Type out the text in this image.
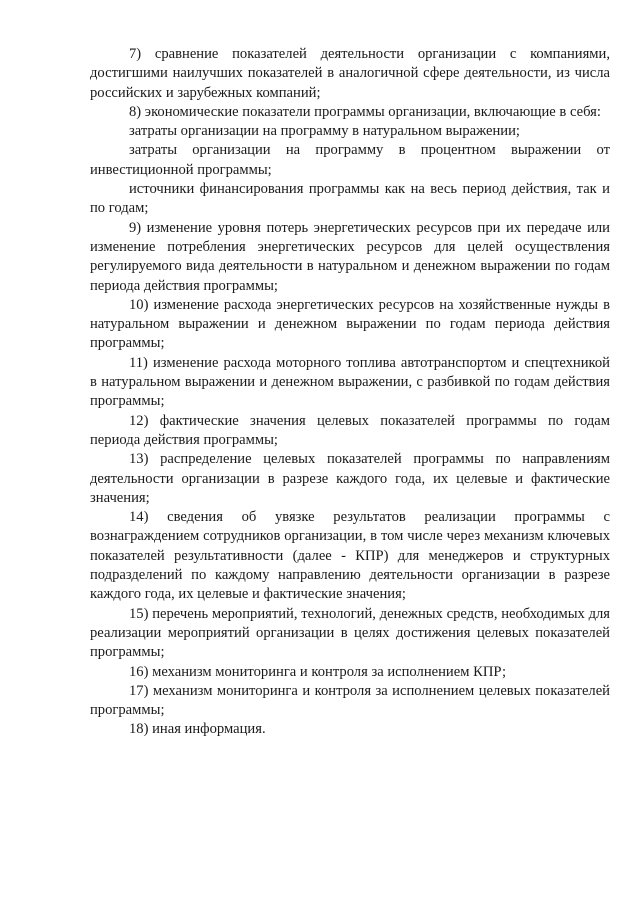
7) сравнение показателей деятельности организации с компаниями, достигшими наилучших показателей в аналогичной сфере деятельности, из числа российских и зарубежных компаний;

8) экономические показатели программы организации, включающие в себя:

затраты организации на программу в натуральном выражении;

затраты организации на программу в процентном выражении от инвестиционной программы;

источники финансирования программы как на весь период действия, так и по годам;

9) изменение уровня потерь энергетических ресурсов при их передаче или изменение потребления энергетических ресурсов для целей осуществления регулируемого вида деятельности в натуральном и денежном выражении по годам периода действия программы;

10) изменение расхода энергетических ресурсов на хозяйственные нужды в натуральном выражении и денежном выражении по годам периода действия программы;

11) изменение расхода моторного топлива автотранспортом и спецтехникой в натуральном выражении и денежном выражении, с разбивкой по годам действия программы;

12) фактические значения целевых показателей программы по годам периода действия программы;

13) распределение целевых показателей программы по направлениям деятельности организации в разрезе каждого года, их целевые и фактические значения;

14) сведения об увязке результатов реализации программы с вознаграждением сотрудников организации, в том числе через механизм ключевых показателей результативности (далее - КПР) для менеджеров и структурных подразделений по каждому направлению деятельности организации в разрезе каждого года, их целевые и фактические значения;

15) перечень мероприятий, технологий, денежных средств, необходимых для реализации мероприятий организации в целях достижения целевых показателей программы;

16) механизм мониторинга и контроля за исполнением КПР;

17) механизм мониторинга и контроля за исполнением целевых показателей программы;

18) иная информация.
